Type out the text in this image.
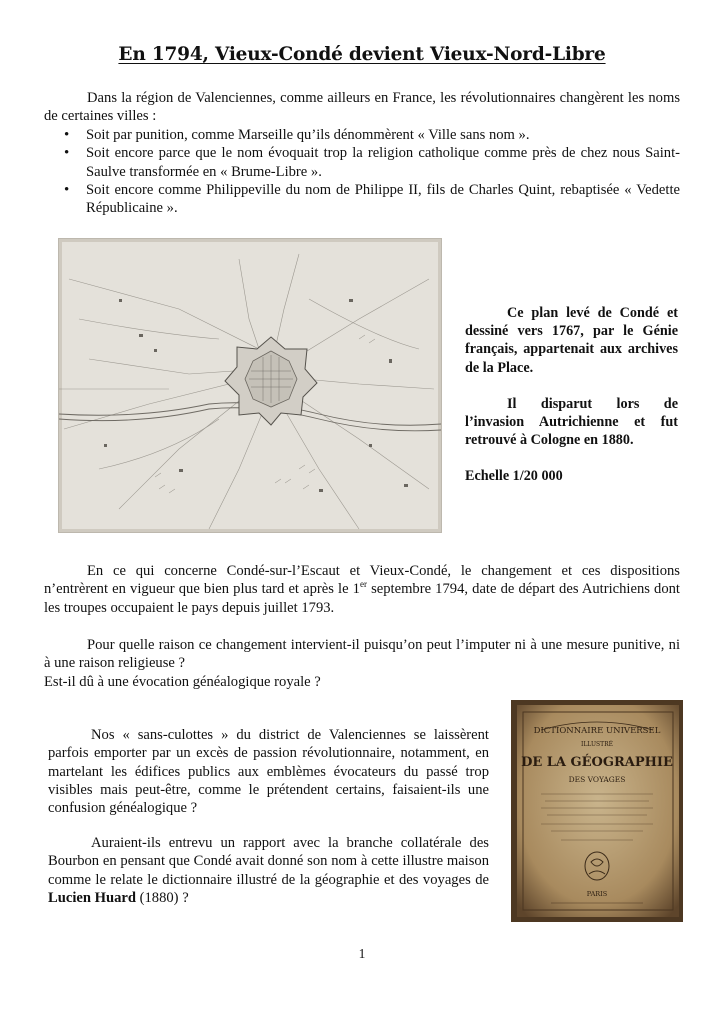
En 1794, Vieux-Condé devient Vieux-Nord-Libre

Dans la région de Valenciennes, comme ailleurs en France, les révolutionnaires changèrent les noms de certaines villes :

• Soit par punition, comme Marseille qu’ils dénommèrent « Ville sans nom ».
• Soit encore parce que le nom évoquait trop la religion catholique comme près de chez nous Saint-Saulve transformée en « Brume-Libre ».
• Soit encore comme Philippeville du nom de Philippe II, fils de Charles Quint, rebaptisée « Vedette Républicaine ».

Ce plan levé de Condé et dessiné vers 1767, par le Génie français, appartenait aux archives de la Place.

Il disparut lors de l’invasion Autrichienne et fut retrouvé à Cologne en 1880.

Echelle 1/20 000

En ce qui concerne Condé-sur-l’Escaut et Vieux-Condé, le changement et ces dispositions n’entrèrent en vigueur que bien plus tard et après le 1er septembre 1794, date de départ des Autrichiens dont les troupes occupaient le pays depuis juillet 1793.

Pour quelle raison ce changement intervient-il puisqu’on peut l’imputer ni à une mesure punitive, ni à une raison religieuse ?
Est-il dû à une évocation généalogique royale ?

Nos « sans-culottes » du district de Valenciennes se laissèrent parfois emporter par un excès de passion révolutionnaire, notamment, en martelant les édifices publics aux emblèmes évocateurs du passé trop visibles mais peut-être, comme le prétendent certains, faisaient-ils une confusion généalogique ?

Auraient-ils entrevu un rapport avec la branche collatérale des Bourbon en pensant que Condé avait donné son nom à cette illustre maison comme le relate le dictionnaire illustré de la géographie et des voyages de Lucien Huard (1880) ?

DICTIONNAIRE UNIVERSEL
ILLUSTRÉ
DE LA GÉOGRAPHIE
DES VOYAGES
PARIS
1
